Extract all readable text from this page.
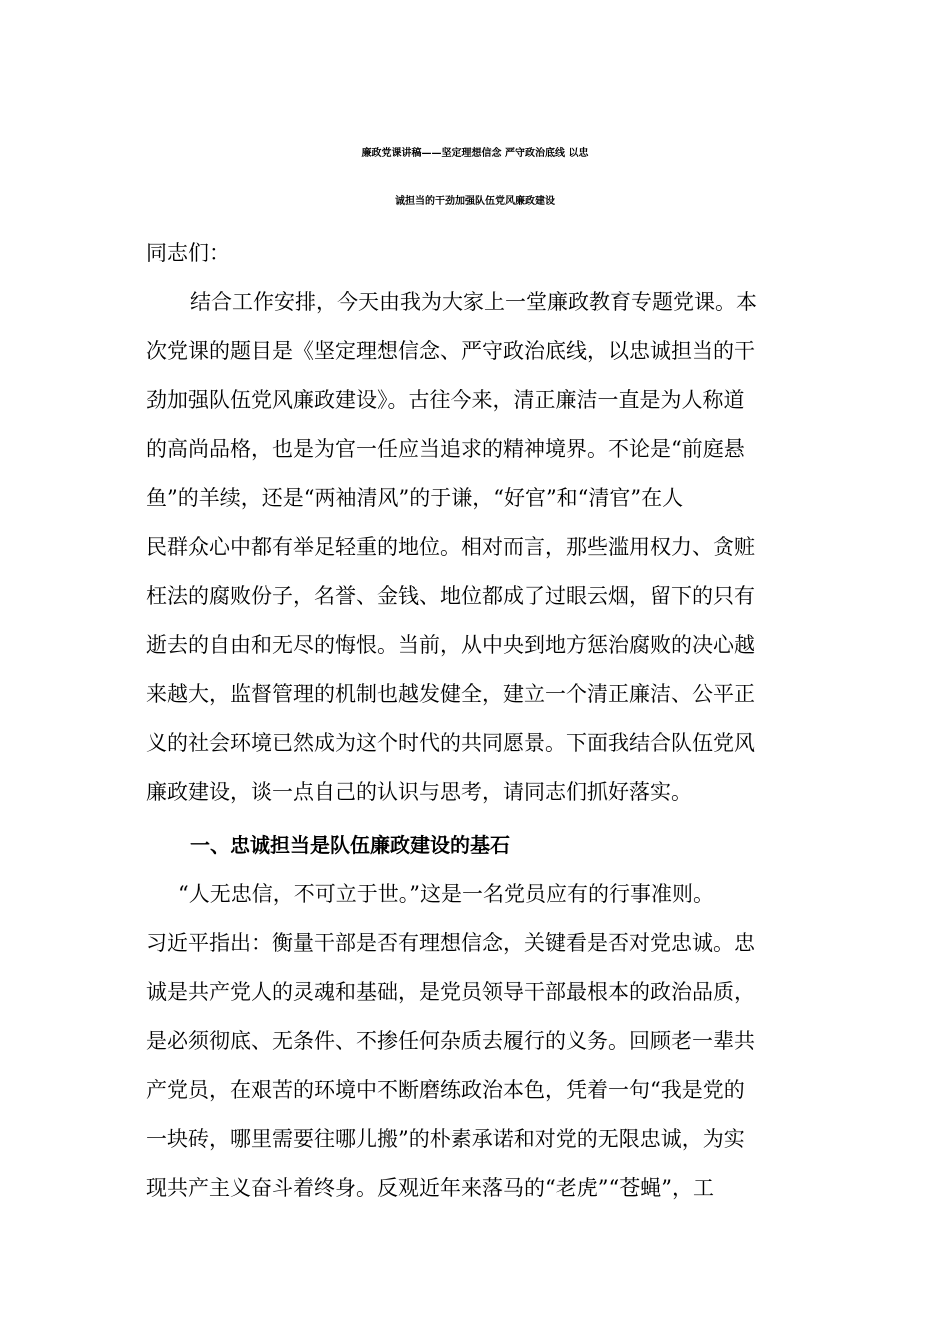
廉政党课讲稿——坚定理想信念 严守政治底线 以忠
诚担当的干劲加强队伍党风廉政建设
同志们：
结合工作安排，今天由我为大家上一堂廉政教育专题党课。本
次党课的题目是《坚定理想信念、严守政治底线，以忠诚担当的干
劲加强队伍党风廉政建设》。古往今来，清正廉洁一直是为人称道
的高尚品格，也是为官一任应当追求的精神境界。不论是“前庭悬
鱼”的羊续，还是“两袖清风”的于谦，“好官”和“清官”在人
民群众心中都有举足轻重的地位。相对而言，那些滥用权力、贪赃
枉法的腐败份子，名誉、金钱、地位都成了过眼云烟，留下的只有
逝去的自由和无尽的悔恨。当前，从中央到地方惩治腐败的决心越
来越大，监督管理的机制也越发健全，建立一个清正廉洁、公平正
义的社会环境已然成为这个时代的共同愿景。下面我结合队伍党风
廉政建设，谈一点自己的认识与思考，请同志们抓好落实。
一、忠诚担当是队伍廉政建设的基石
“人无忠信，不可立于世。”这是一名党员应有的行事准则。
习近平指出：衡量干部是否有理想信念，关键看是否对党忠诚。忠
诚是共产党人的灵魂和基础，是党员领导干部最根本的政治品质，
是必须彻底、无条件、不掺任何杂质去履行的义务。回顾老一辈共
产党员，在艰苦的环境中不断磨练政治本色，凭着一句“我是党的
一块砖，哪里需要往哪儿搬”的朴素承诺和对党的无限忠诚，为实
现共产主义奋斗着终身。反观近年来落马的“老虎”“苍蝇”，工
